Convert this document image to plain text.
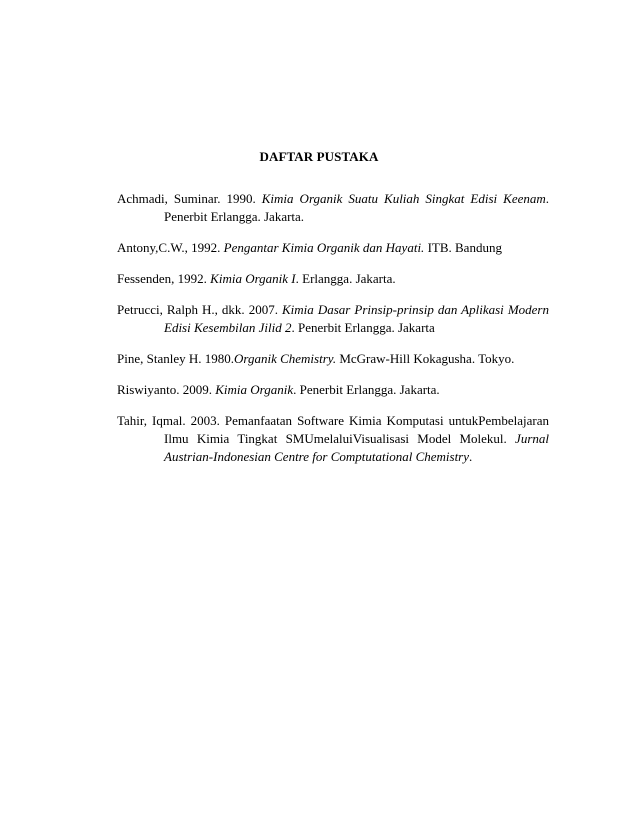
DAFTAR PUSTAKA

Achmadi, Suminar. 1990. Kimia Organik Suatu Kuliah Singkat Edisi Keenam. Penerbit Erlangga. Jakarta.

Antony,C.W., 1992. Pengantar Kimia Organik dan Hayati. ITB. Bandung

Fessenden, 1992. Kimia Organik I. Erlangga. Jakarta.

Petrucci, Ralph H., dkk. 2007. Kimia Dasar Prinsip-prinsip dan Aplikasi Modern Edisi Kesembilan Jilid 2. Penerbit Erlangga. Jakarta

Pine, Stanley H. 1980.Organik Chemistry. McGraw-Hill Kokagusha. Tokyo.

Riswiyanto. 2009. Kimia Organik. Penerbit Erlangga. Jakarta.

Tahir, Iqmal. 2003. Pemanfaatan Software Kimia Komputasi untukPembelajaran Ilmu Kimia Tingkat SMUmelaluiVisualisasi Model Molekul. Jurnal Austrian-Indonesian Centre for Comptutational Chemistry.
